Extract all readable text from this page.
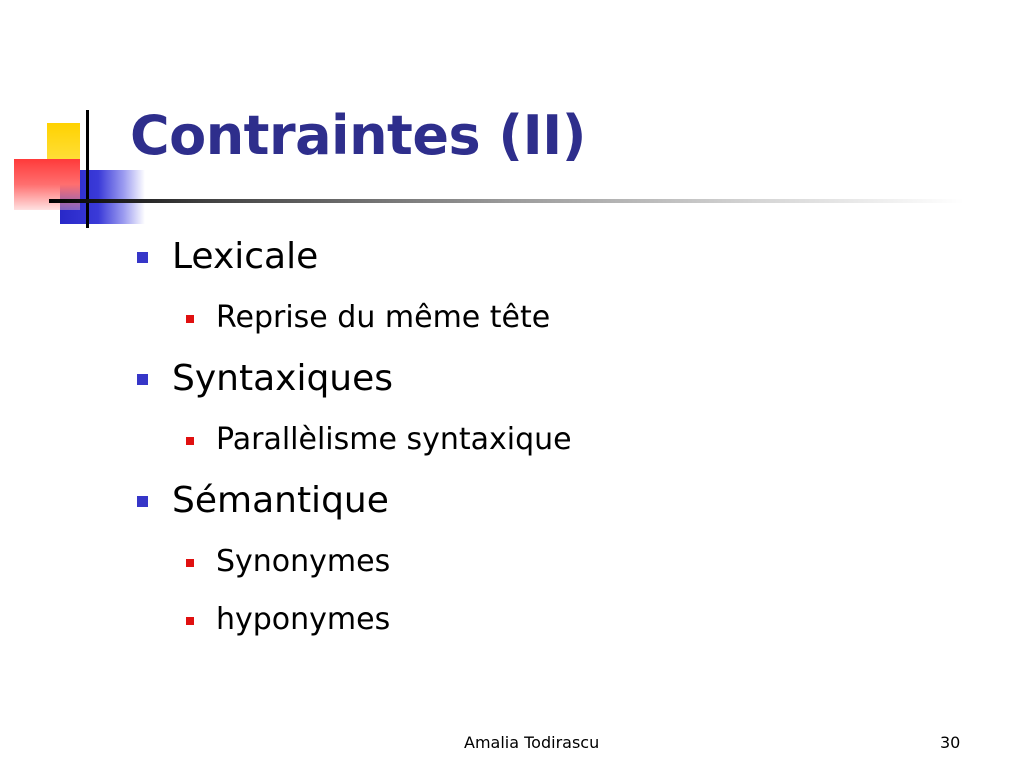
Contraintes (II)
Lexicale
Reprise du même tête
Syntaxiques
Parallèlisme syntaxique
Sémantique
Synonymes
hyponymes
Amalia Todirascu	30
